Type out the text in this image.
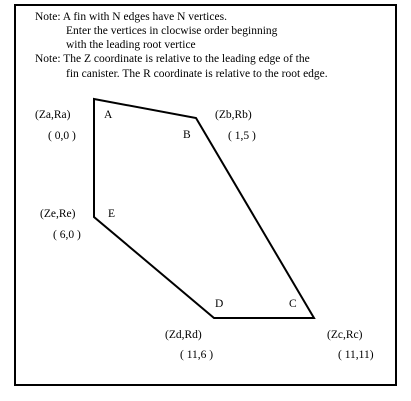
Note: A fin with N edges have N vertices.
Enter the vertices in clocwise order beginning
with the leading root vertice
Note: The Z coordinate is relative to the leading edge of the
fin canister. The R coordinate is relative to the root edge.
A
B
C
D
E
(Za,Ra)
( 0,0 )
(Zb,Rb)
( 1,5 )
(Ze,Re)
( 6,0 )
(Zd,Rd)
( 11,6 )
(Zc,Rc)
( 11,11)
